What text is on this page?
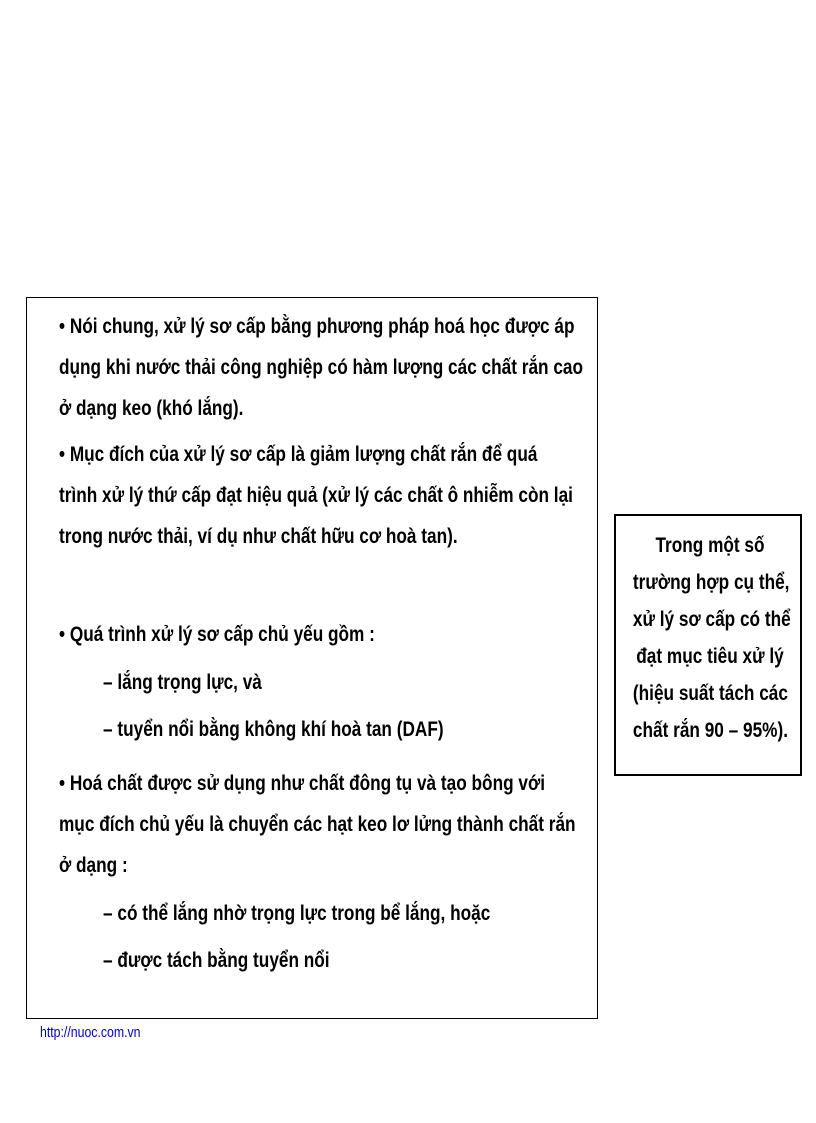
• Nói chung, xử lý sơ cấp bằng phương pháp hoá học được áp

dụng khi nước thải công nghiệp có hàm lượng các chất rắn cao

ở dạng keo (khó lắng).

• Mục đích của xử lý sơ cấp là giảm lượng chất rắn để quá

trình xử lý thứ cấp đạt hiệu quả (xử lý các chất ô nhiễm còn lại

trong nước thải, ví dụ như chất hữu cơ hoà tan).

• Quá trình xử lý sơ cấp chủ yếu gồm :

– lắng trọng lực, và

– tuyển nổi bằng không khí hoà tan (DAF)

• Hoá chất được sử dụng như chất đông tụ và tạo bông với

mục đích chủ yếu là chuyển các hạt keo lơ lửng thành chất rắn

ở dạng :

– có thể lắng nhờ trọng lực trong bể lắng, hoặc

– được tách bằng tuyển nổi

Trong một số
trường hợp cụ thể,
xử lý sơ cấp có thể
đạt mục tiêu xử lý
(hiệu suất tách các
chất rắn 90 – 95%).
http://nuoc.com.vn
